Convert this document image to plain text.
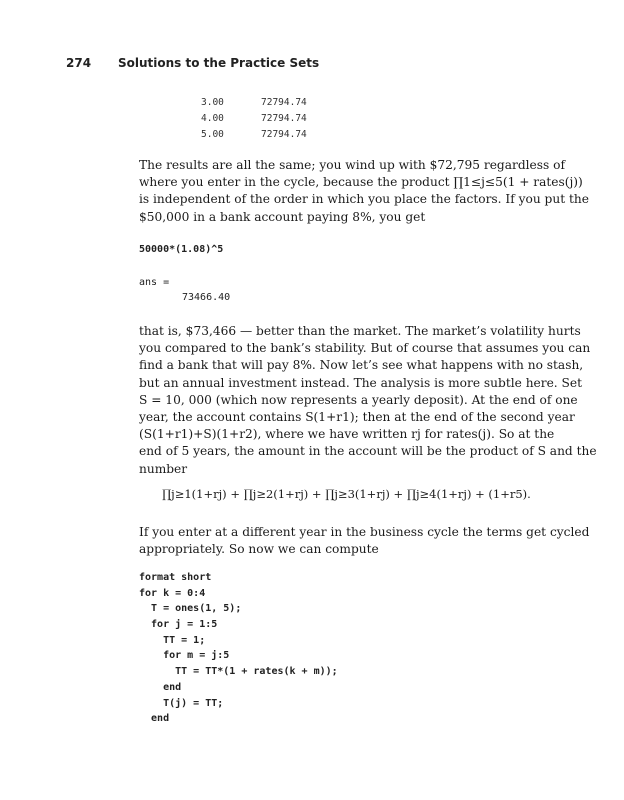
274 Solutions to the Practice Sets
3.00	72794.74
4.00	72794.74
5.00	72794.74
The results are all the same; you wind up with $72,795 regardless of
where you enter in the cycle, because the product ∏1≤j≤5(1 + rates(j))
is independent of the order in which you place the factors. If you put the
$50,000 in a bank account paying 8%, you get
50000*(1.08)^5
ans =
73466.40
that is, $73,466 — better than the market. The market’s volatility hurts
you compared to the bank’s stability. But of course that assumes you can
find a bank that will pay 8%. Now let’s see what happens with no stash,
but an annual investment instead. The analysis is more subtle here. Set
S = 10, 000 (which now represents a yearly deposit). At the end of one
year, the account contains S(1+r1); then at the end of the second year
(S(1+r1)+S)(1+r2), where we have written rj for rates(j). So at the
end of 5 years, the amount in the account will be the product of S and the
number
∏j≥1(1+rj) + ∏j≥2(1+rj) + ∏j≥3(1+rj) + ∏j≥4(1+rj) + (1+r5).
If you enter at a different year in the business cycle the terms get cycled
appropriately. So now we can compute
format short
for k = 0:4
T = ones(1, 5);
for j = 1:5
TT = 1;
for m = j:5
TT = TT*(1 + rates(k + m));
end
T(j) = TT;
end
